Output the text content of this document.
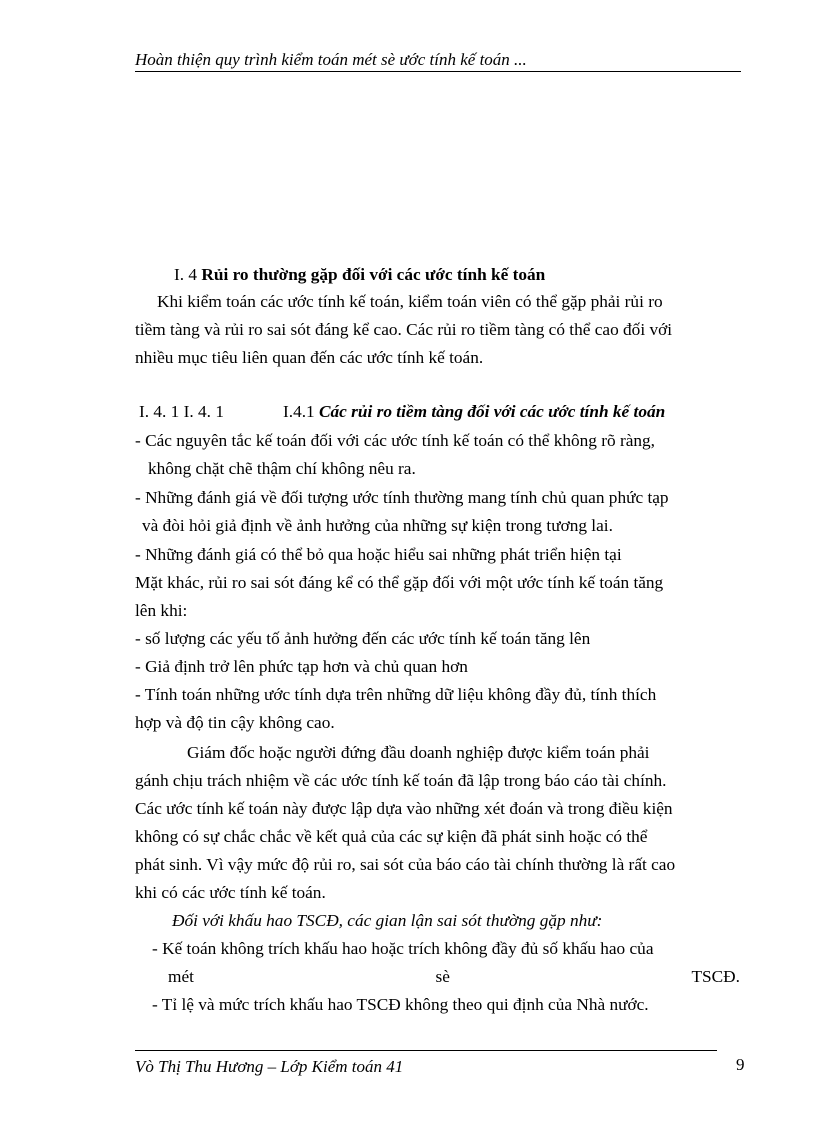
Hoàn thiện quy trình kiểm toán mét sè ước tính kế toán ...
I. 4 Rủi ro thường gặp đối với các ước tính kế toán
Khi kiểm toán các ước tính kế toán, kiểm toán viên có thể gặp phải rủi ro
tiềm tàng và rủi ro sai sót đáng kể cao. Các rủi ro tiềm tàng có thể cao đối với
nhiều mục tiêu liên quan đến các ước tính kế toán.
I. 4. 1 I. 4. 1	I.4.1 Các rủi ro tiềm tàng đối với các ước tính kế toán
- Các nguyên tắc kế toán đối với các ước tính kế toán có thể không rõ ràng,
không chặt chẽ thậm chí không nêu ra.
- Những đánh giá về đối tượng ước tính thường mang tính chủ quan phức tạp
và đòi hỏi giả định về ảnh hưởng của những sự kiện trong tương lai.
- Những đánh giá có thể bỏ qua hoặc hiểu sai những phát triển hiện tại
Mặt khác, rủi ro sai sót đáng kể có thể gặp đối với một ước tính kế toán tăng
lên khi:
- số lượng các yếu tố ảnh hưởng đến các ước tính kế toán tăng lên
- Giả định trở lên phức tạp hơn và chủ quan hơn
- Tính toán những ước tính dựa trên những dữ liệu không đầy đủ, tính thích
hợp và độ tin cậy không cao.
Giám đốc hoặc người đứng đầu doanh nghiệp được kiểm toán phải
gánh chịu trách nhiệm về các ước tính kế toán đã lập trong báo cáo tài chính.
Các ước tính kế toán này được lập dựa vào những xét đoán và trong điều kiện
không có sự chắc chắc về kết quả của các sự kiện đã phát sinh hoặc có thể
phát sinh. Vì vậy mức độ rủi ro, sai sót của báo cáo tài chính thường là rất cao
khi có các ước tính kế toán.
Đối với khấu hao TSCĐ, các gian lận sai sót thường gặp như:
- Kế toán không trích khấu hao hoặc trích không đầy đủ số khấu hao của
mét	sè	TSCĐ.
- Tỉ lệ và mức trích khấu hao TSCĐ không theo qui định của Nhà nước.
Vò Thị Thu Hương – Lớp Kiểm toán 41	9
